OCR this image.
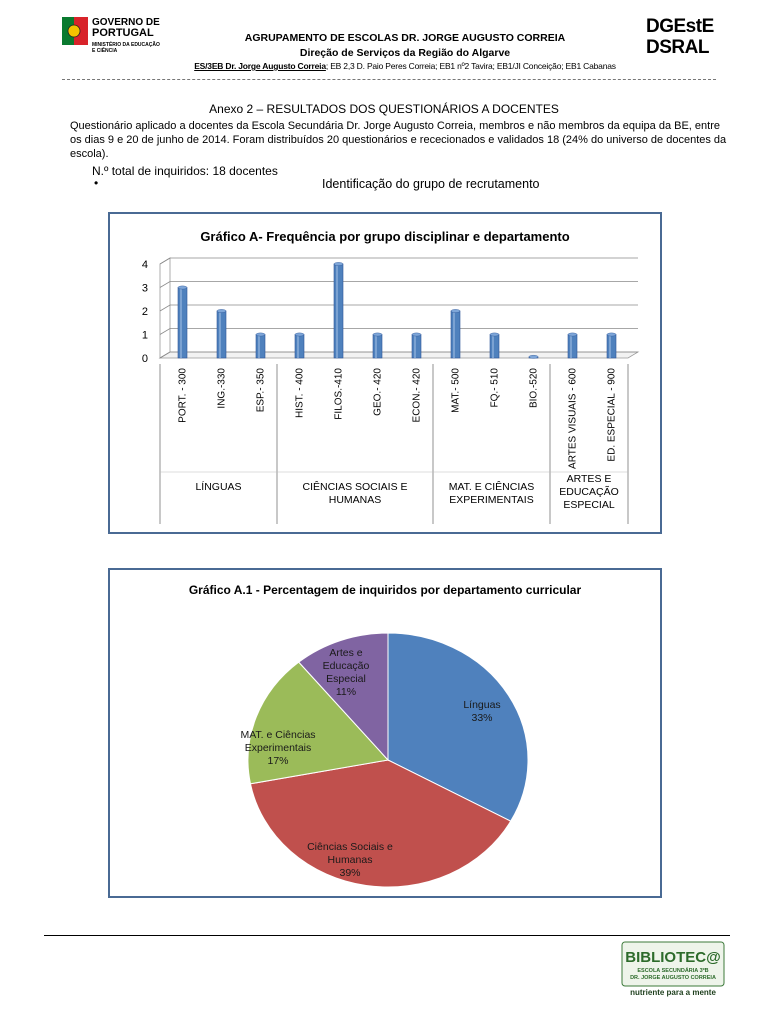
GOVERNO DE
PORTUGAL
MINISTÉRIO DA EDUCAÇÃO E CIÊNCIA
AGRUPAMENTO DE ESCOLAS DR. JORGE AUGUSTO CORREIA
Direção de Serviços da Região do Algarve
ES/3EB Dr. Jorge Augusto Correia; EB 2,3 D. Paio Peres Correia; EB1 nº2 Tavira; EB1/JI Conceição; EB1 Cabanas
DGEstE
DSRAL
Anexo 2 – RESULTADOS DOS QUESTIONÁRIOS A DOCENTES
Questionário aplicado a docentes da Escola Secundária Dr. Jorge Augusto Correia, membros e não membros da equipa da BE, entre os dias 9 e 20 de junho de 2014. Foram distribuídos 20 questionários e rececionados e validados 18 (24% do universo de docentes da escola).
N.º total de inquiridos: 18 docentes
•	Identificação do grupo de recrutamento
Gráfico A- Frequência por grupo disciplinar e departamento
0
1
2
3
4
LÍNGUAS	CIÊNCIAS SOCIAIS E
HUMANAS
MAT. E CIÊNCIAS
EXPERIMENTAIS
ARTES E
EDUCAÇÃO
ESPECIAL
PORT. - 300	ING.-330	ESP.- 350	HIST. - 400	FILOS.-410	GEO.- 420	ECON.- 420	MAT.- 500	FQ.- 510	BIO.-520	ARTES VISUAIS - 600	ED. ESPECIAL - 900
Gráfico A.1 - Percentagem de inquiridos por departamento curricular
Línguas
33%
Ciências Sociais e
Humanas
39%
MAT. e Ciências
Experimentais
17%
Artes e
Educação
Especial
11%
BIBLIOTEC@
ESCOLA SECUNDÁRIA 3ºB
DR. JORGE AUGUSTO CORREIA
nutriente para a mente
